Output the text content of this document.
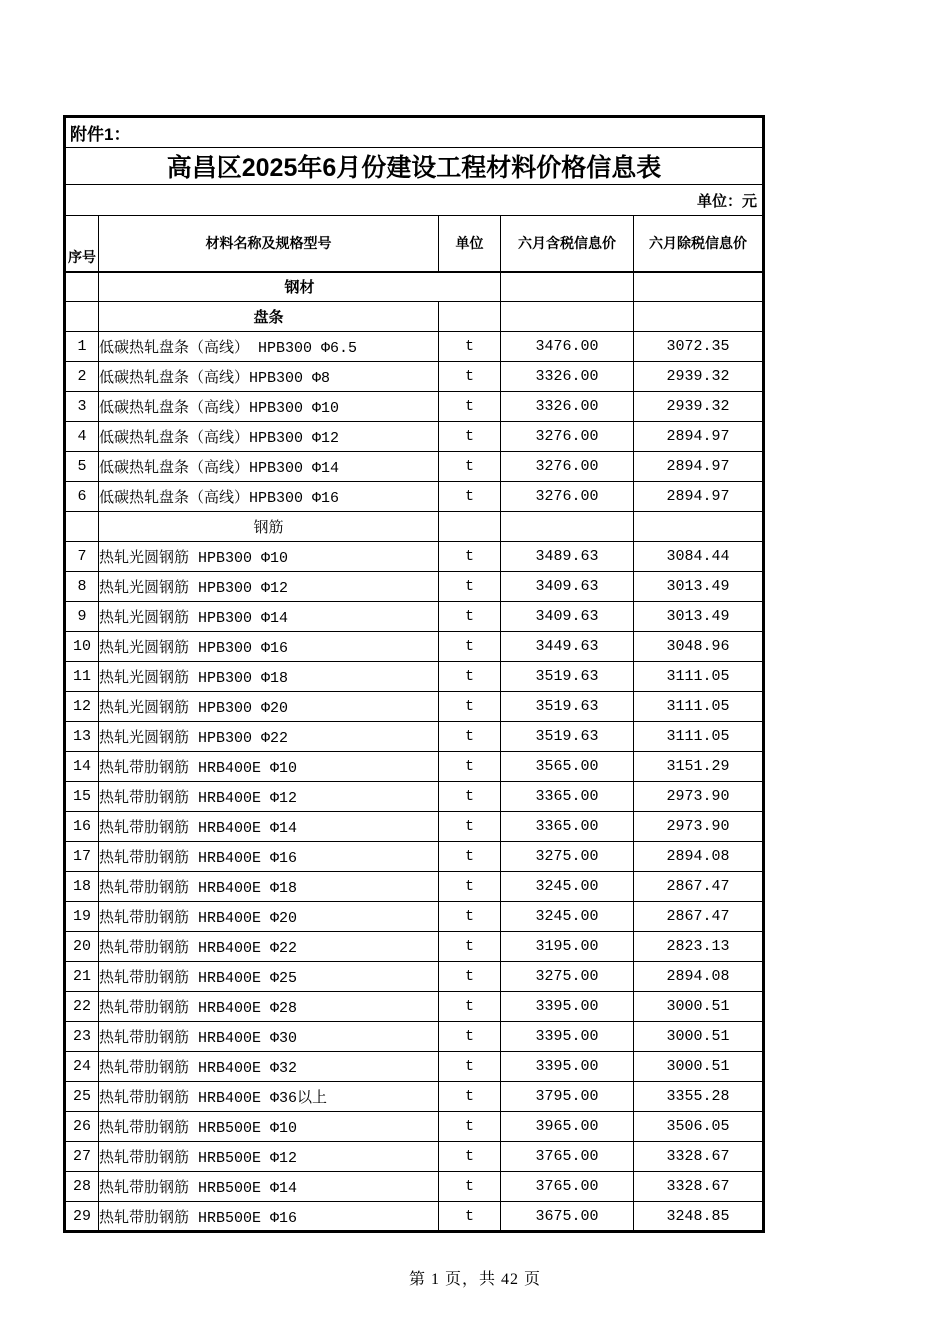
附件1：				
高昌区2025年6月份建设工程材料价格信息表				
单位：元				
序号	材料名称及规格型号	单位	六月含税信息价	六月除税信息价
	钢材			
	盘条			
1	低碳热轧盘条（高线） HPB300 Φ6.5	t	3476.00	3072.35
2	低碳热轧盘条（高线）HPB300 Φ8	t	3326.00	2939.32
3	低碳热轧盘条（高线）HPB300 Φ10	t	3326.00	2939.32
4	低碳热轧盘条（高线）HPB300 Φ12	t	3276.00	2894.97
5	低碳热轧盘条（高线）HPB300 Φ14	t	3276.00	2894.97
6	低碳热轧盘条（高线）HPB300 Φ16	t	3276.00	2894.97
	钢筋			
7	热轧光圆钢筋 HPB300 Φ10	t	3489.63	3084.44
8	热轧光圆钢筋 HPB300 Φ12	t	3409.63	3013.49
9	热轧光圆钢筋 HPB300 Φ14	t	3409.63	3013.49
10	热轧光圆钢筋 HPB300 Φ16	t	3449.63	3048.96
11	热轧光圆钢筋 HPB300 Φ18	t	3519.63	3111.05
12	热轧光圆钢筋 HPB300 Φ20	t	3519.63	3111.05
13	热轧光圆钢筋 HPB300 Φ22	t	3519.63	3111.05
14	热轧带肋钢筋 HRB400E Φ10	t	3565.00	3151.29
15	热轧带肋钢筋 HRB400E Φ12	t	3365.00	2973.90
16	热轧带肋钢筋 HRB400E Φ14	t	3365.00	2973.90
17	热轧带肋钢筋 HRB400E Φ16	t	3275.00	2894.08
18	热轧带肋钢筋 HRB400E Φ18	t	3245.00	2867.47
19	热轧带肋钢筋 HRB400E Φ20	t	3245.00	2867.47
20	热轧带肋钢筋 HRB400E Φ22	t	3195.00	2823.13
21	热轧带肋钢筋 HRB400E Φ25	t	3275.00	2894.08
22	热轧带肋钢筋 HRB400E Φ28	t	3395.00	3000.51
23	热轧带肋钢筋 HRB400E Φ30	t	3395.00	3000.51
24	热轧带肋钢筋 HRB400E Φ32	t	3395.00	3000.51
25	热轧带肋钢筋 HRB400E Φ36以上	t	3795.00	3355.28
26	热轧带肋钢筋 HRB500E Φ10	t	3965.00	3506.05
27	热轧带肋钢筋 HRB500E Φ12	t	3765.00	3328.67
28	热轧带肋钢筋 HRB500E Φ14	t	3765.00	3328.67
29	热轧带肋钢筋 HRB500E Φ16	t	3675.00	3248.85
第 1 页，共 42 页
